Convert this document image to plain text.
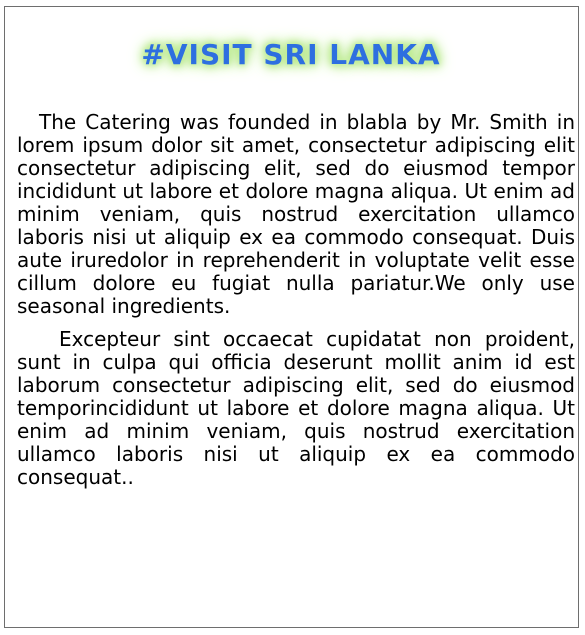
#VISIT SRI LANKA

The Catering was founded in blabla by Mr. Smith in lorem ipsum dolor sit amet, consectetur adipiscing elit consectetur adipiscing elit, sed do eiusmod tempor incididunt ut labore et dolore magna aliqua. Ut enim ad minim veniam, quis nostrud exercitation ullamco laboris nisi ut aliquip ex ea commodo consequat. Duis aute iruredolor in reprehenderit in voluptate velit esse cillum dolore eu fugiat nulla pariatur.We only use seasonal ingredients.

Excepteur sint occaecat cupidatat non proident, sunt in culpa qui officia deserunt mollit anim id est laborum consectetur adipiscing elit, sed do eiusmod temporincididunt ut labore et dolore magna aliqua. Ut enim ad minim veniam, quis nostrud exercitation ullamco laboris nisi ut aliquip ex ea commodo consequat..
